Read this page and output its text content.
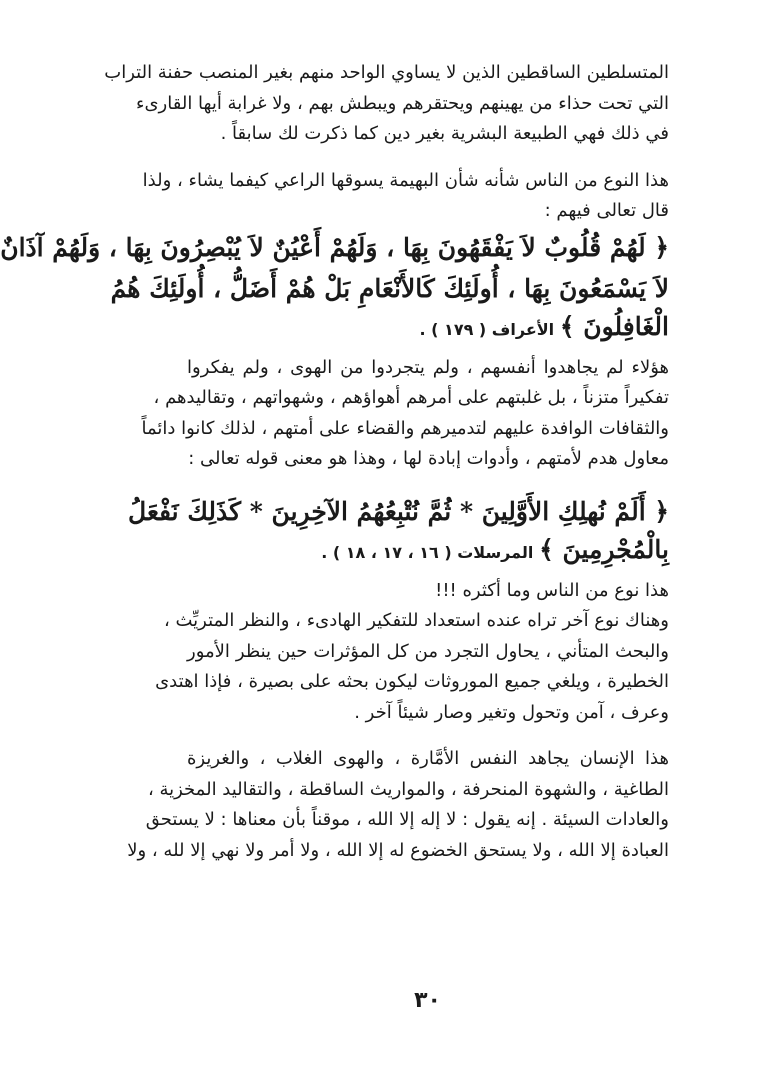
المتسلطين الساقطين الذين لا يساوي الواحد منهم بغير المنصب حفنة التراب
التي تحت حذاء من يهينهم ويحتقرهم ويبطش بهم ، ولا غرابة أيها القارىء
في ذلك فهي الطبيعة البشرية بغير دين كما ذكرت لك سابقاً .
هذا النوع من الناس شأنه شأن البهيمة يسوقها الراعي كيفما يشاء ، ولذا
قال تعالى فيهم :
﴿ لَهُمْ قُلُوبٌ لاَ يَفْقَهُونَ بِهَا ، وَلَهُمْ أَعْيُنٌ لاَ يُبْصِرُونَ بِهَا ، وَلَهُمْ آذَانٌ
لاَ يَسْمَعُونَ بِهَا ، أُولَئِكَ كَالأَنْعَامِ بَلْ هُمْ أَضَلُّ ، أُولَئِكَ هُمُ
الْغَافِلُونَ ﴾ الأعراف ( ١٧٩ ) .
هؤلاء لم يجاهدوا أنفسهم ، ولم يتجردوا من الهوى ، ولم يفكروا
تفكيراً متزناً ، بل غلبتهم على أمرهم أهواؤهم ، وشهواتهم ، وتقاليدهم ،
والثقافات الوافدة عليهم لتدميرهم والقضاء على أمتهم ، لذلك كانوا دائماً
معاول هدم لأمتهم ، وأدوات إبادة لها ، وهذا هو معنى قوله تعالى :
﴿ أَلَمْ نُهلِكِ الأَوَّلِينَ * ثُمَّ نُتْبِعُهُمُ الآخِرِينَ * كَذَلِكَ نَفْعَلُ
بِالْمُجْرِمِينَ ﴾ المرسلات ( ١٦ ، ١٧ ، ١٨ ) .
هذا نوع من الناس وما أكثره !!!
وهناك نوع آخر تراه عنده استعداد للتفكير الهادىء ، والنظر المتريِّث ،
والبحث المتأني ، يحاول التجرد من كل المؤثرات حين ينظر الأمور
الخطيرة ، ويلغي جميع الموروثات ليكون بحثه على بصيرة ، فإذا اهتدى
وعرف ، آمن وتحول وتغير وصار شيئاً آخر .
هذا الإنسان يجاهد النفس الأمَّارة ، والهوى الغلاب ، والغريزة
الطاغية ، والشهوة المنحرفة ، والمواريث الساقطة ، والتقاليد المخزية ،
والعادات السيئة . إنه يقول : لا إله إلا الله ، موقناً بأن معناها : لا يستحق
العبادة إلا الله ، ولا يستحق الخضوع له إلا الله ، ولا أمر ولا نهي إلا لله ، ولا
٣٠
